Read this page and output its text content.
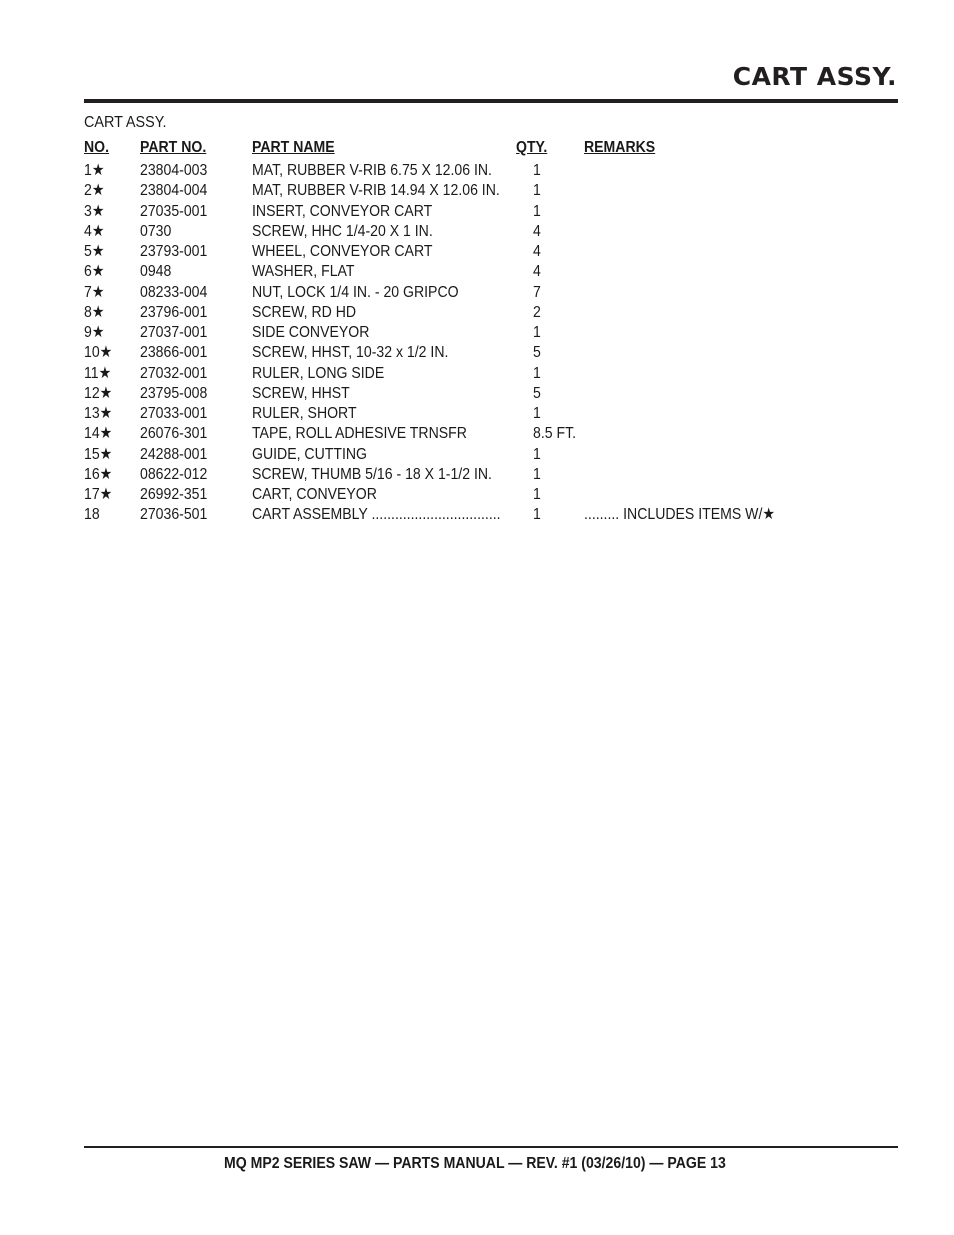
CART ASSY.
CART ASSY.
NO. PART NO.	PART NAME	QTY. REMARKS
1★ 23804-003	MAT, RUBBER V-RIB 6.75 X 12.06 IN.	1
2★ 23804-004	MAT, RUBBER V-RIB 14.94 X 12.06 IN. 1
3★ 27035-001	INSERT, CONVEYOR CART	1
4★ 0730	SCREW, HHC 1/4-20 X 1 IN.	4
5★ 23793-001	WHEEL, CONVEYOR CART	4
6★ 0948	WASHER, FLAT	4
7★ 08233-004	NUT, LOCK 1/4 IN. - 20 GRIPCO	7
8★ 23796-001	SCREW, RD HD	2
9★ 27037-001	SIDE CONVEYOR	1
10★ 23866-001	SCREW, HHST, 10-32 x 1/2 IN.	5
11★ 27032-001	RULER, LONG SIDE	1
12★ 23795-008	SCREW, HHST	5
13★ 27033-001	RULER, SHORT	1
14★ 26076-301	TAPE, ROLL ADHESIVE TRNSFR	8.5 FT.
15★ 24288-001	GUIDE, CUTTING	1
16★ 08622-012	SCREW, THUMB 5/16 - 18 X 1-1/2 IN.	1
17★ 26992-351	CART, CONVEYOR	1
18	27036-501	CART ASSEMBLY ................................. 1	......... INCLUDES ITEMS W/★
MQ MP2 SERIES SAW — PARTS MANUAL — REV. #1 (03/26/10) — PAGE 13
